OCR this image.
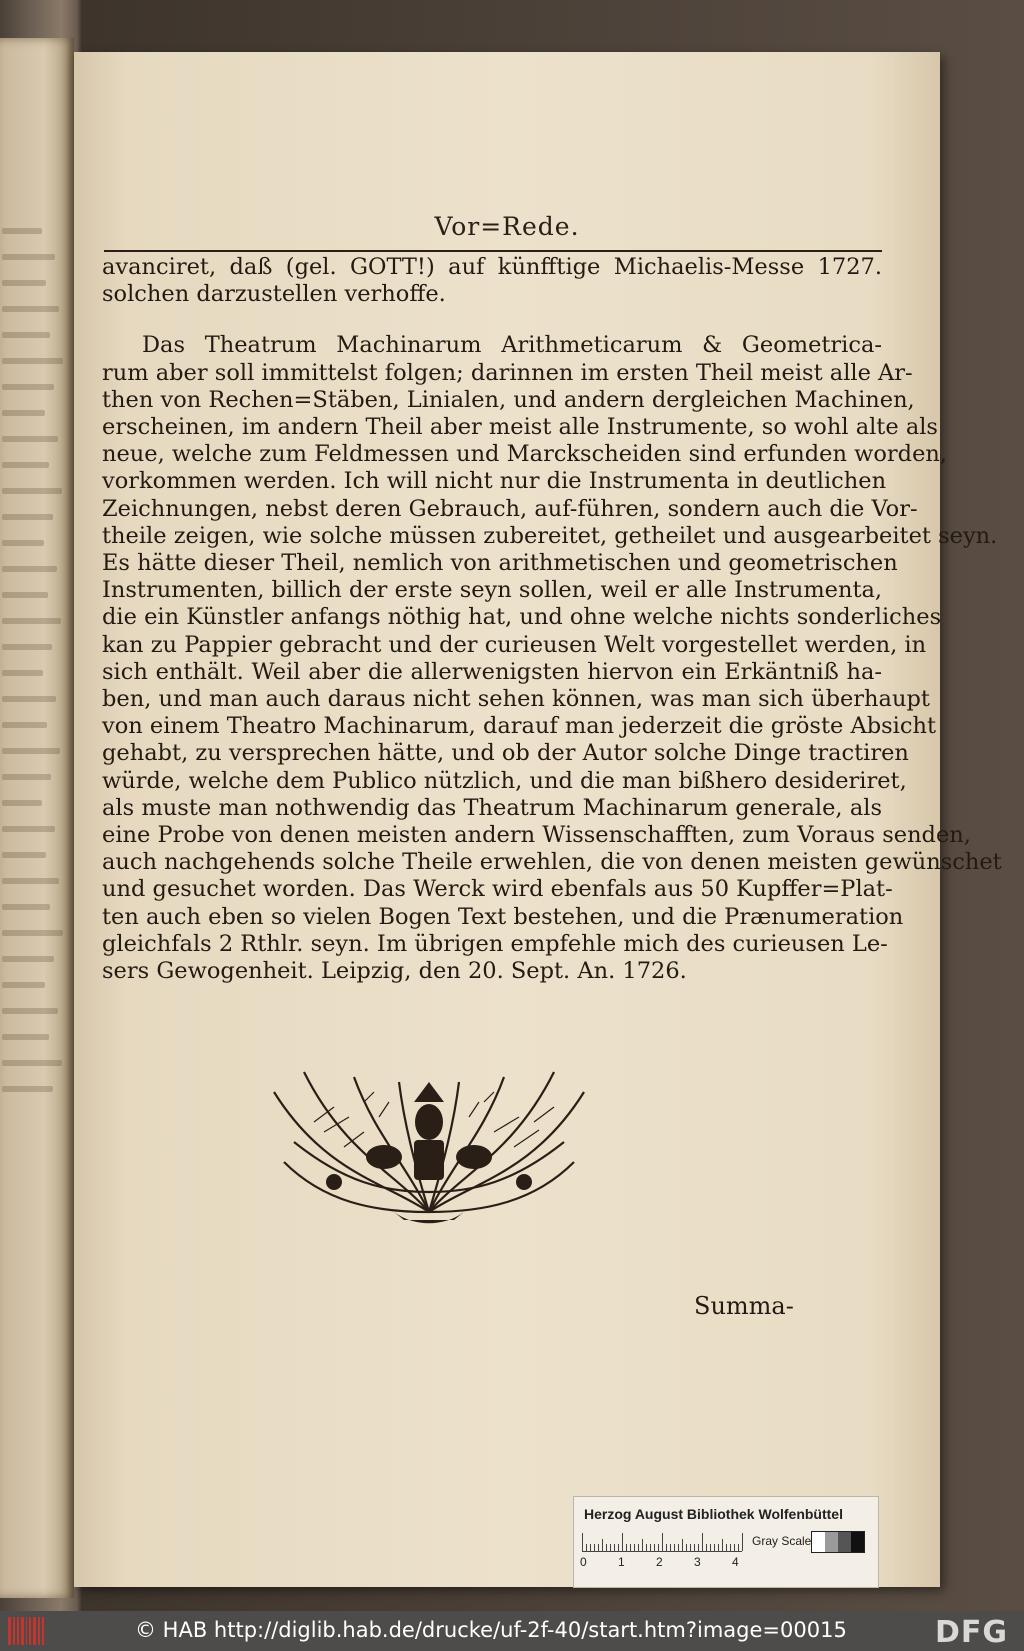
Vor=Rede.
avanciret, daß (gel. GOTT!) auf künfftige Michaelis-Messe 1727.
solchen darzustellen verhoffe.
Das Theatrum Machinarum Arithmeticarum & Geometrica-
rum aber soll immittelst folgen; darinnen im ersten Theil meist alle Ar-
then von Rechen=Stäben, Linialen, und andern dergleichen Machinen,
erscheinen, im andern Theil aber meist alle Instrumente, so wohl alte als
neue, welche zum Feldmessen und Marckscheiden sind erfunden worden,
vorkommen werden. Ich will nicht nur die Instrumenta in deutlichen
Zeichnungen, nebst deren Gebrauch, auf-führen, sondern auch die Vor-
theile zeigen, wie solche müssen zubereitet, getheilet und ausgearbeitet seyn.
Es hätte dieser Theil, nemlich von arithmetischen und geometrischen
Instrumenten, billich der erste seyn sollen, weil er alle Instrumenta,
die ein Künstler anfangs nöthig hat, und ohne welche nichts sonderliches
kan zu Pappier gebracht und der curieusen Welt vorgestellet werden, in
sich enthält. Weil aber die allerwenigsten hiervon ein Erkäntniß ha-
ben, und man auch daraus nicht sehen können, was man sich überhaupt
von einem Theatro Machinarum, darauf man jederzeit die gröste Absicht
gehabt, zu versprechen hätte, und ob der Autor solche Dinge tractiren
würde, welche dem Publico nützlich, und die man bißhero desideriret,
als muste man nothwendig das Theatrum Machinarum generale, als
eine Probe von denen meisten andern Wissenschafften, zum Voraus senden,
auch nachgehends solche Theile erwehlen, die von denen meisten gewünschet
und gesuchet worden. Das Werck wird ebenfals aus 50 Kupffer=Plat-
ten auch eben so vielen Bogen Text bestehen, und die Prænumeration
gleichfals 2 Rthlr. seyn. Im übrigen empfehle mich des curieusen Le-
sers Gewogenheit. Leipzig, den 20. Sept. An. 1726.
Summa-
Herzog August Bibliothek Wolfenbüttel
0	1	2	3	4
Gray Scale
© HAB http://diglib.hab.de/drucke/uf-2f-40/start.htm?image=00015	DFG
